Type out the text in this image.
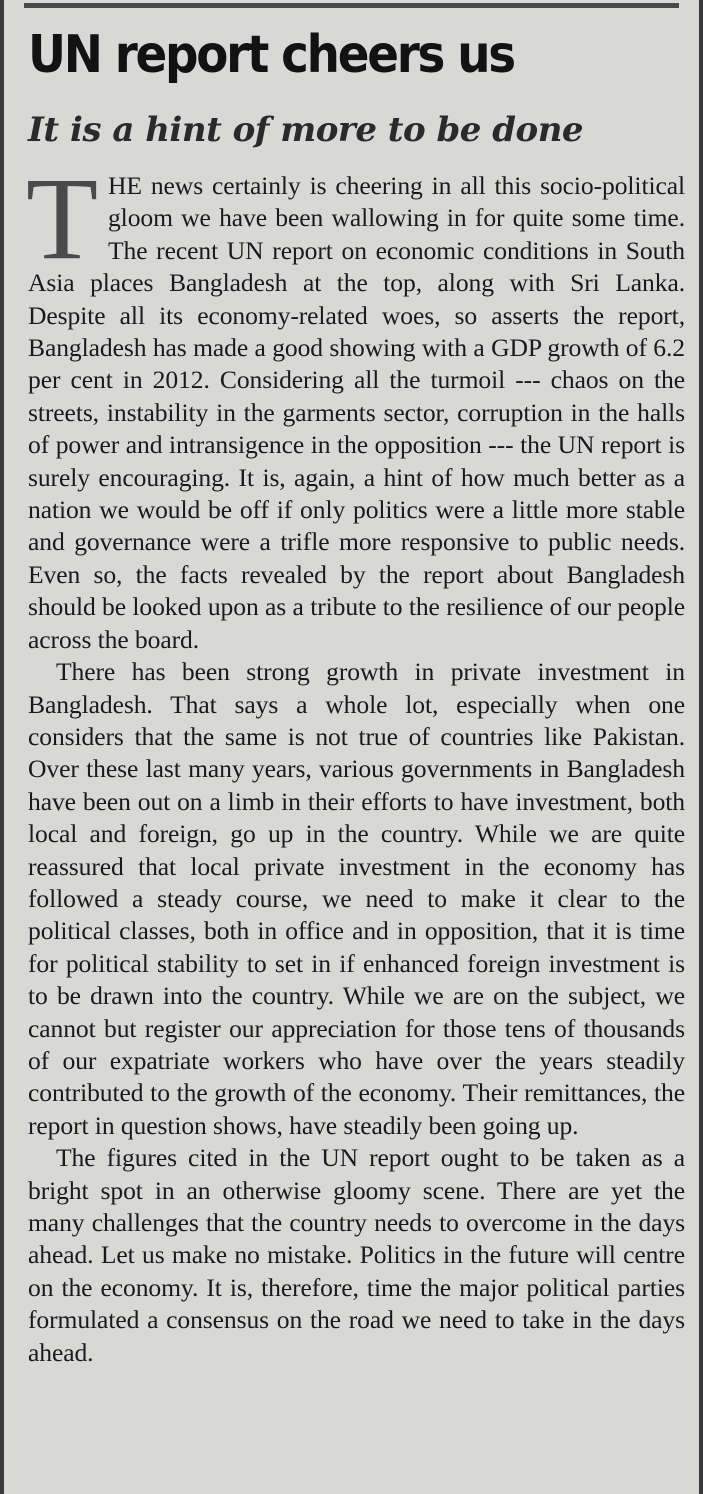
UN report cheers us
It is a hint of more to be done

THE news certainly is cheering in all this socio-political gloom we have been wallowing in for quite some time. The recent UN report on economic conditions in South Asia places Bangladesh at the top, along with Sri Lanka. Despite all its economy-related woes, so asserts the report, Bangladesh has made a good showing with a GDP growth of 6.2 per cent in 2012. Considering all the turmoil --- chaos on the streets, instability in the garments sector, corruption in the halls of power and intransigence in the opposition --- the UN report is surely encouraging. It is, again, a hint of how much better as a nation we would be off if only politics were a little more stable and governance were a trifle more responsive to public needs. Even so, the facts revealed by the report about Bangladesh should be looked upon as a tribute to the resilience of our people across the board.

There has been strong growth in private investment in Bangladesh. That says a whole lot, especially when one considers that the same is not true of countries like Pakistan. Over these last many years, various governments in Bangladesh have been out on a limb in their efforts to have investment, both local and foreign, go up in the country. While we are quite reassured that local private investment in the economy has followed a steady course, we need to make it clear to the political classes, both in office and in opposition, that it is time for political stability to set in if enhanced foreign investment is to be drawn into the country. While we are on the subject, we cannot but register our appreciation for those tens of thousands of our expatriate workers who have over the years steadily contributed to the growth of the economy. Their remittances, the report in question shows, have steadily been going up.

The figures cited in the UN report ought to be taken as a bright spot in an otherwise gloomy scene. There are yet the many challenges that the country needs to overcome in the days ahead. Let us make no mistake. Politics in the future will centre on the economy. It is, therefore, time the major political parties formulated a consensus on the road we need to take in the days ahead.
